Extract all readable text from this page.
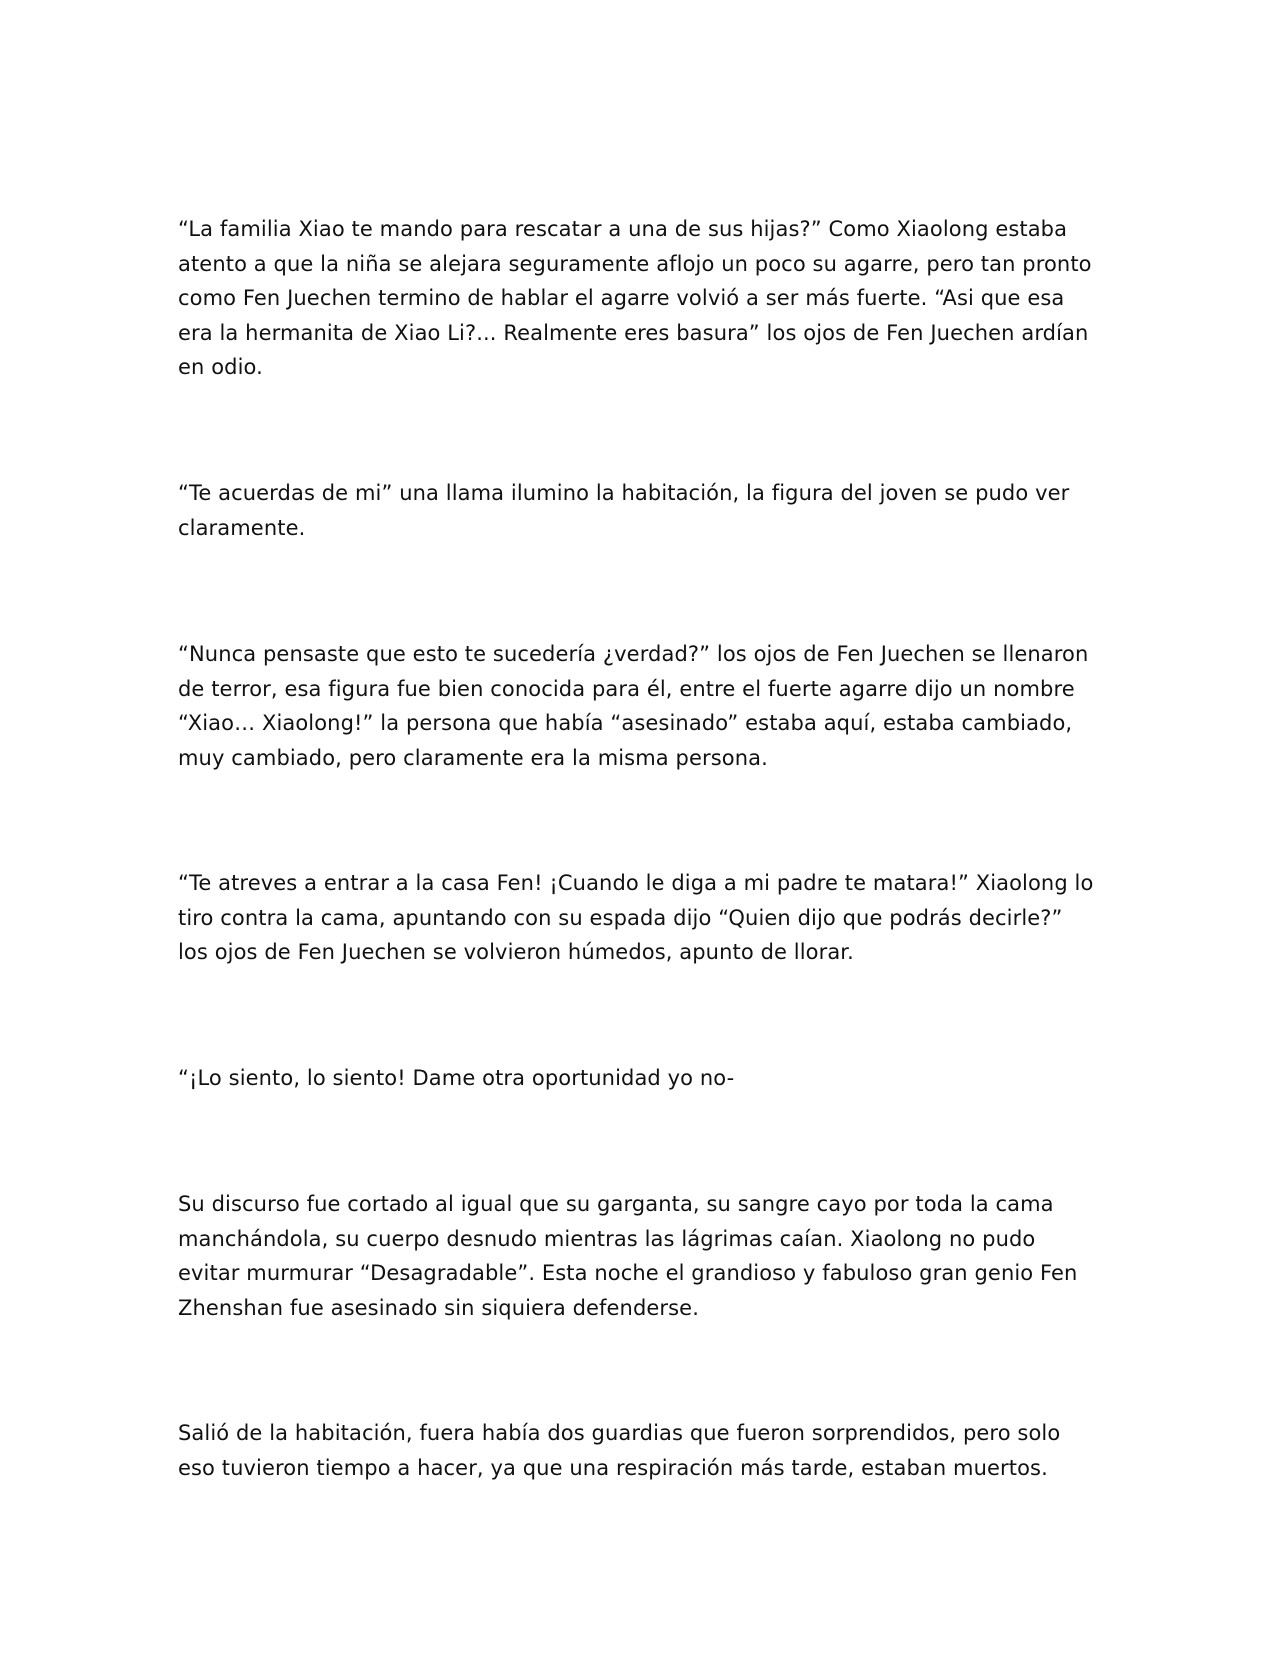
“La familia Xiao te mando para rescatar a una de sus hijas?” Como Xiaolong estaba atento a que la niña se alejara seguramente aflojo un poco su agarre, pero tan pronto como Fen Juechen termino de hablar el agarre volvió a ser más fuerte. “Asi que esa era la hermanita de Xiao Li?... Realmente eres basura” los ojos de Fen Juechen ardían en odio.

“Te acuerdas de mi” una llama ilumino la habitación, la figura del joven se pudo ver claramente.

“Nunca pensaste que esto te sucedería ¿verdad?” los ojos de Fen Juechen se llenaron de terror, esa figura fue bien conocida para él, entre el fuerte agarre dijo un nombre “Xiao… Xiaolong!” la persona que había “asesinado” estaba aquí, estaba cambiado, muy cambiado, pero claramente era la misma persona.

“Te atreves a entrar a la casa Fen! ¡Cuando le diga a mi padre te matara!” Xiaolong lo tiro contra la cama, apuntando con su espada dijo “Quien dijo que podrás decirle?” los ojos de Fen Juechen se volvieron húmedos, apunto de llorar.

“¡Lo siento, lo siento! Dame otra oportunidad yo no-

Su discurso fue cortado al igual que su garganta, su sangre cayo por toda la cama manchándola, su cuerpo desnudo mientras las lágrimas caían. Xiaolong no pudo evitar murmurar “Desagradable”. Esta noche el grandioso y fabuloso gran genio Fen Zhenshan fue asesinado sin siquiera defenderse.

Salió de la habitación, fuera había dos guardias que fueron sorprendidos, pero solo eso tuvieron tiempo a hacer, ya que una respiración más tarde, estaban muertos.
